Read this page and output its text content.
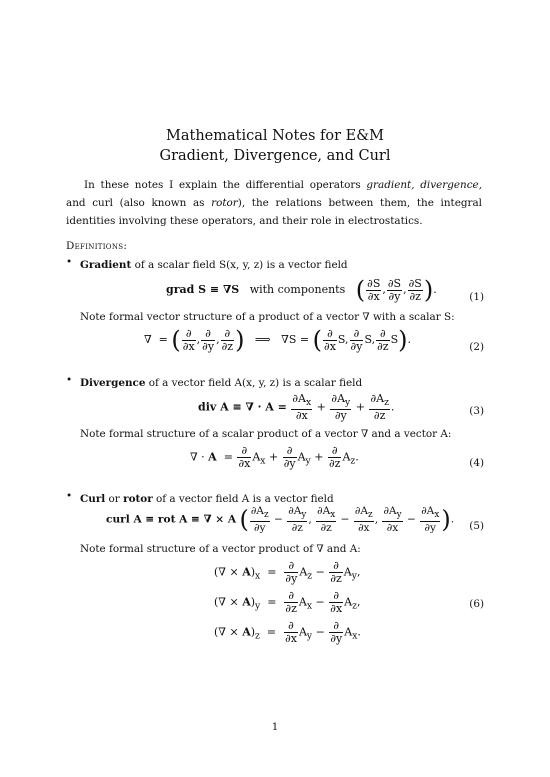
Mathematical Notes for E&M
Gradient, Divergence, and Curl
In these notes I explain the differential operators gradient, divergence, and curl (also known as rotor), the relations between them, the integral identities involving these operators, and their role in electrostatics.
Definitions:
• Gradient of a scalar field S(x, y, z) is a vector field
grad S ≡ ∇S with components ( $\frac{\partial S}{\partial x}$ , $\frac{\partial S}{\partial y}$ , $\frac{\partial S}{\partial z}$ ).
(1)
Note formal vector structure of a product of a vector ∇ with a scalar S:
∇  = ( $\frac{\partial}{\partial x}$ , $\frac{\partial}{\partial y}$ , $\frac{\partial}{\partial z}$ )   ⟹   ∇S = ( $\frac{\partial}{\partial x} S$, $\frac{\partial}{\partial y} S$, $\frac{\partial}{\partial z} S$).
(2)
• Divergence of a vector field A(x, y, z) is a scalar field
div A ≡ ∇ · $A = \frac{\partial A_x}{\partial x} + \frac{\partial A_y}{\partial y} + \frac{\partial A_z}{\partial z}$ .	(3)
Note formal structure of a scalar product of a vector ∇ and a vector A:
∇ · $A = \frac{\partial}{\partial x} A_x + \frac{\partial}{\partial y} A_y + \frac{\partial}{\partial z} A_z$.	(4)
• Curl or rotor of a vector field A is a vector field
curl A ≡ rot A ≡ ∇ × A ( $\frac{\partial A_z}{\partial y} - \frac{\partial A_y}{\partial z}$ , $\frac{\partial A_x}{\partial z} - \frac{\partial A_z}{\partial x}$ , $\frac{\partial A_y}{\partial x} - \frac{\partial A_x}{\partial y}$ ).
(5)
Note formal structure of a vector product of ∇ and A:
(∇ × $A)_x = \frac{\partial}{\partial y} A_z - \frac{\partial}{\partial z} A_y$,
(∇ × $A)_y = \frac{\partial}{\partial z} A_x - \frac{\partial}{\partial x} A_z$,
(∇ × $A)_z = \frac{\partial}{\partial x} A_y - \frac{\partial}{\partial y} A_x$.
(6)
1
